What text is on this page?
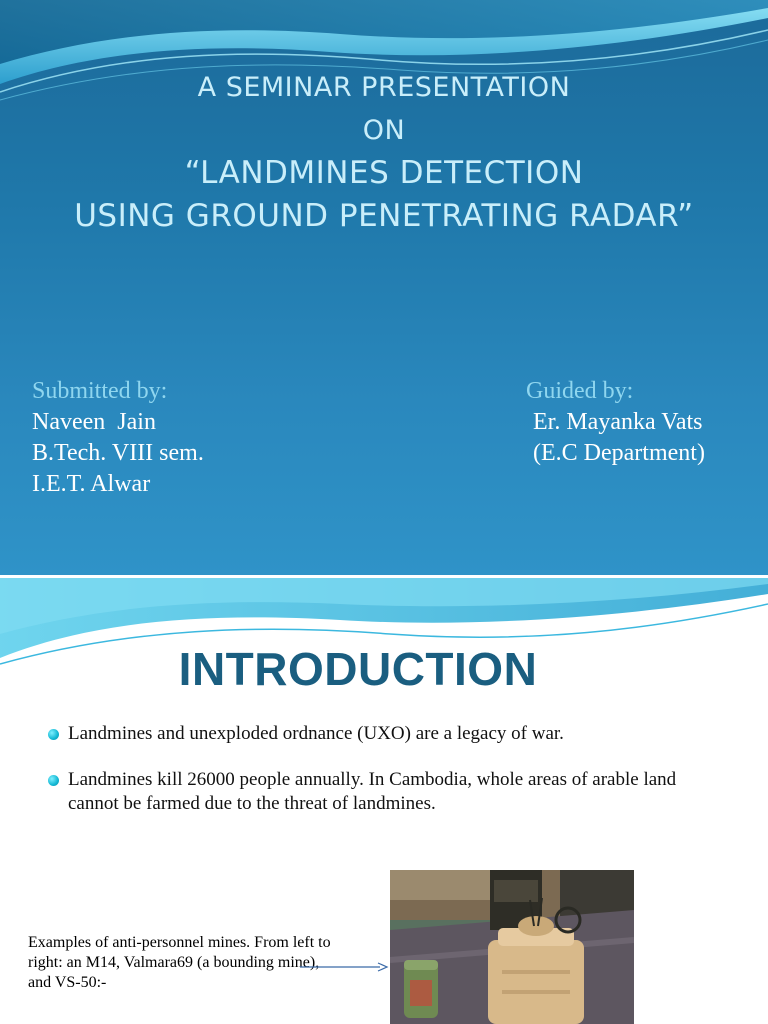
A SEMINAR PRESENTATION
ON
“LANDMINES DETECTION
USING GROUND PENETRATING RADAR”
Submitted by:
Naveen  Jain
B.Tech. VIII sem.
I.E.T. Alwar
Guided by:
Er. Mayanka Vats
(E.C Department)
INTRODUCTION
Landmines and unexploded ordnance (UXO) are a legacy of war.
Landmines kill 26000 people annually. In Cambodia, whole areas of arable land cannot be farmed due to the threat of landmines.
Examples of anti-personnel mines. From left to right: an M14, Valmara69 (a bounding mine), and VS-50:-
